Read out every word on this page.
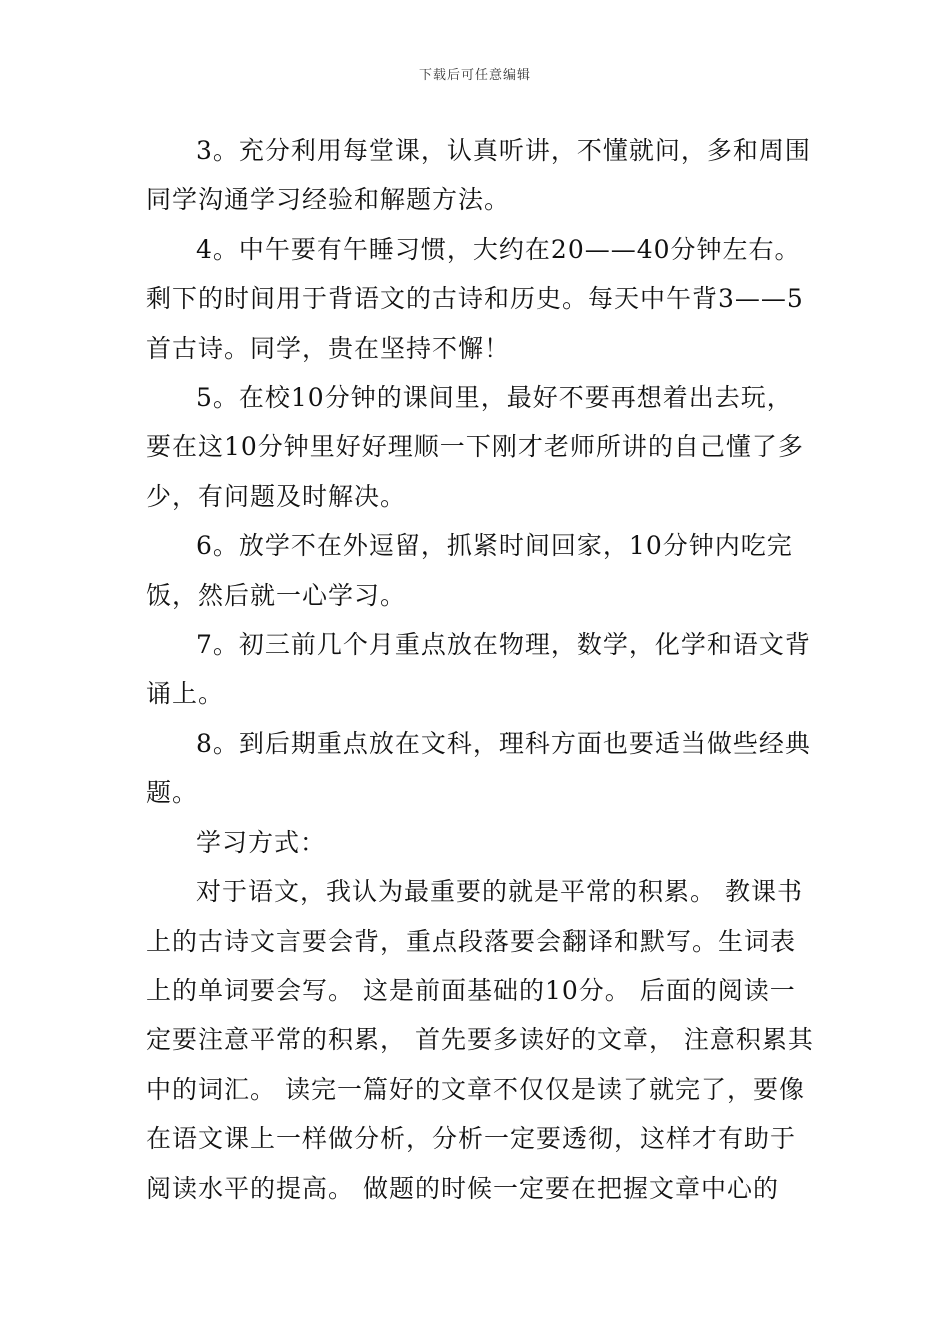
下载后可任意编辑

3。充分利用每堂课，认真听讲，不懂就问，多和周围同学沟通学习经验和解题方法。

4。中午要有午睡习惯，大约在20——40分钟左右。剩下的时间用于背语文的古诗和历史。每天中午背3——5首古诗。同学，贵在坚持不懈！

5。在校10分钟的课间里，最好不要再想着出去玩，要在这10分钟里好好理顺一下刚才老师所讲的自己懂了多少，有问题及时解决。

6。放学不在外逗留，抓紧时间回家，10分钟内吃完饭，然后就一心学习。

7。初三前几个月重点放在物理，数学，化学和语文背诵上。

8。到后期重点放在文科，理科方面也要适当做些经典题。

学习方式：

对于语文，我认为最重要的就是平常的积累。 教课书上的古诗文言要会背，重点段落要会翻译和默写。生词表上的单词要会写。 这是前面基础的10分。 后面的阅读一定要注意平常的积累， 首先要多读好的文章， 注意积累其中的词汇。 读完一篇好的文章不仅仅是读了就完了，要像在语文课上一样做分析，分析一定要透彻，这样才有助于阅读水平的提高。 做题的时候一定要在把握文章中心的
